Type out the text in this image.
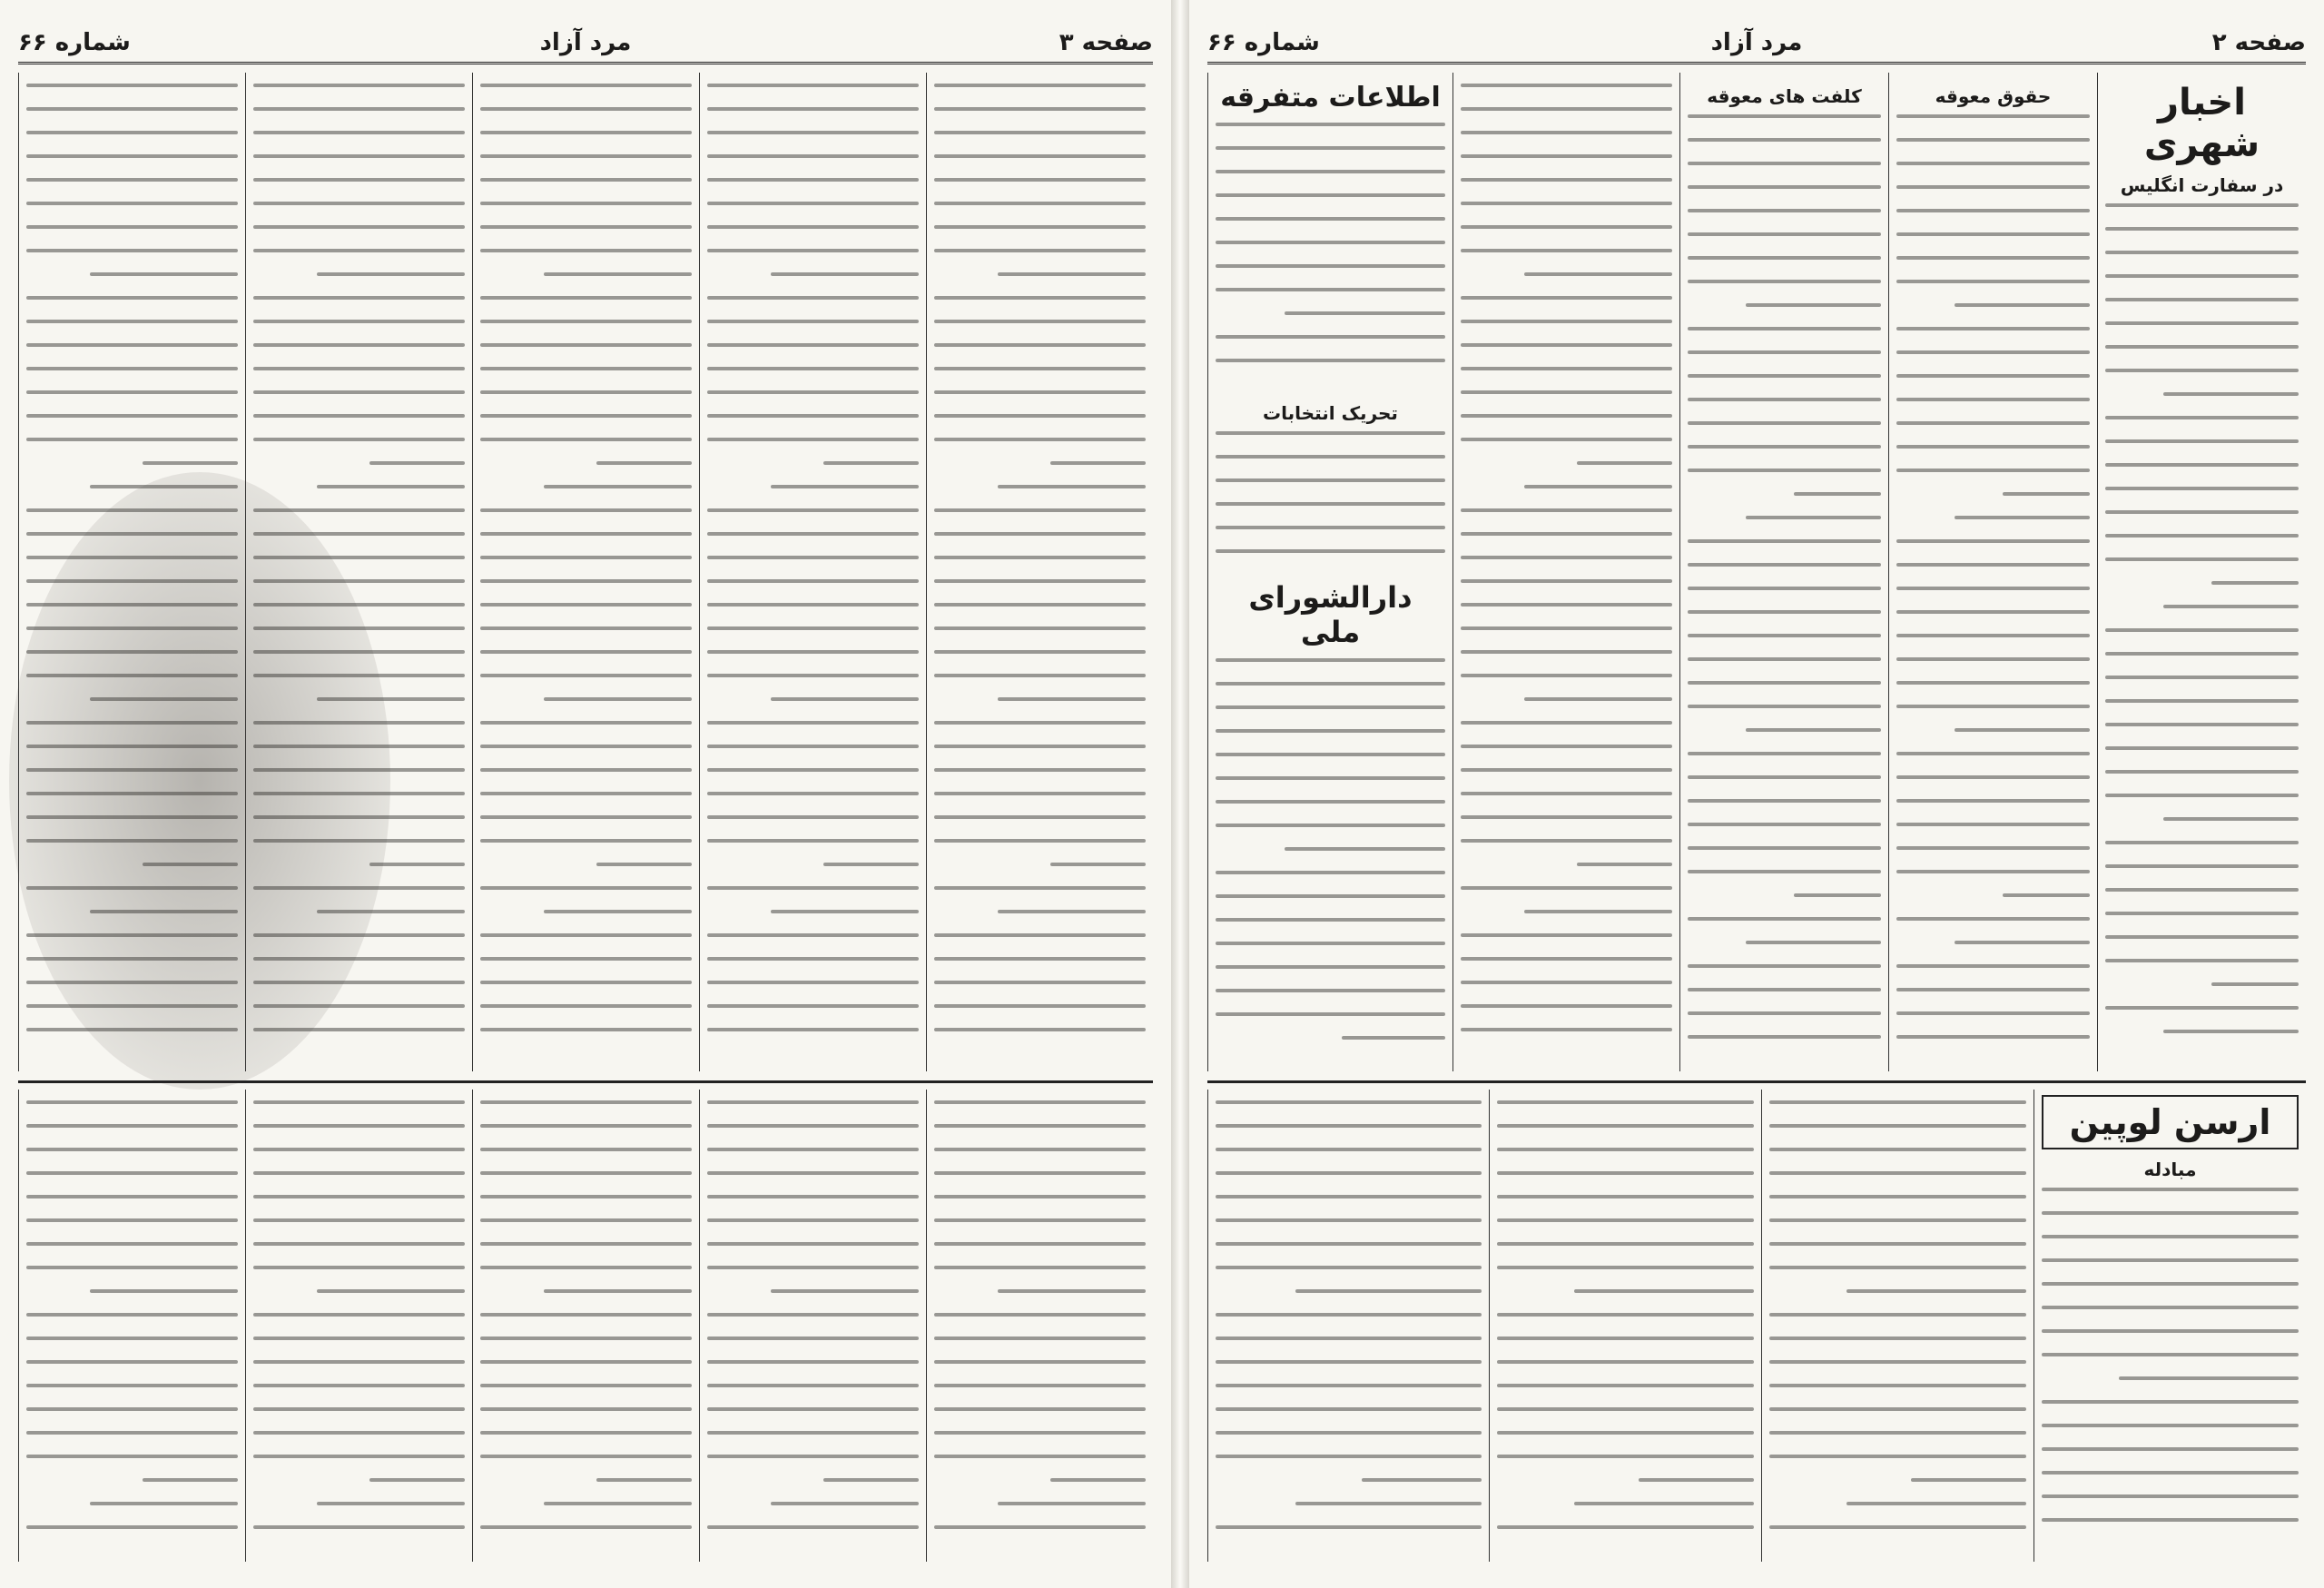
صفحه ۲
مرد آزاد
شماره ۶۶
اخبار شهری
در سفارت انگلیس
حقوق معوقه
کلفت های معوقه
اطلاعات متفرقه
تحریک انتخابات
دارالشورای ملی
ارسن لوپین
مبادله
صفحه ۳
مرد آزاد
شماره ۶۶
